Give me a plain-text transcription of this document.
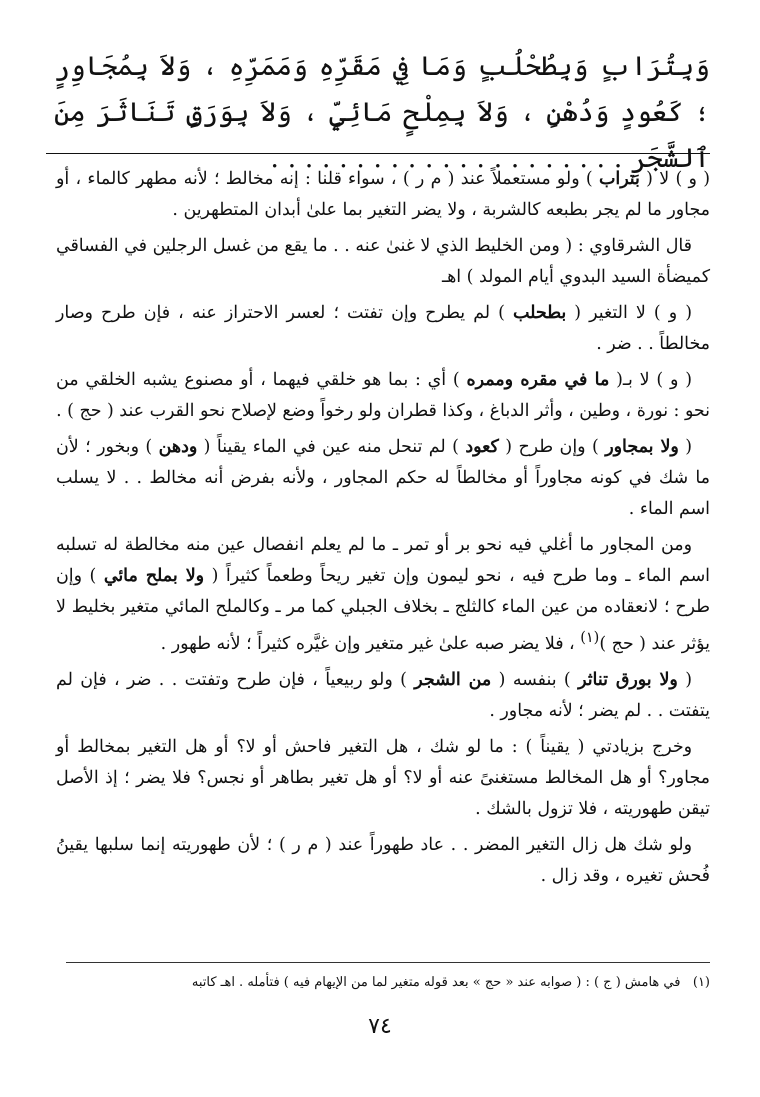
وَبِتُرَابٍ وَبِطُحْلُبٍ وَمَا فِي مَقَرِّهِ وَمَمَرِّهِ ، وَلاَ بِمُجَاوِرٍ ؛ كَعُودٍ وَدُهْنٍ ، وَلاَ بِمِلْحٍ مَائِيٍّ ، وَلاَ بِوَرَقٍ تَنَاثَرَ مِنَ ٱلشَّجَرِ . . . . . . . . . . . . . . . . . . . . .

( و ) لا ( بتراب ) ولو مستعملاً عند ( م ر ) ، سواء قلنا : إنه مخالط ؛ لأنه مطهر كالماء ، أو مجاور ما لم يجر بطبعه كالشربة ، ولا يضر التغير بما علىٰ أبدان المتطهرين .

قال الشرقاوي : ( ومن الخليط الذي لا غنىٰ عنه . . ما يقع من غسل الرجلين في الفساقي كميضأة السيد البدوي أيام المولد ) اهـ

( و ) لا التغير ( بطحلب ) لم يطرح وإن تفتت ؛ لعسر الاحتراز عنه ، فإن طرح وصار مخالطاً . . ضر .

( و ) لا بـ( ما في مقره وممره ) أي : بما هو خلقي فيهما ، أو مصنوع يشبه الخلقي من نحو : نورة ، وطين ، وأثر الدباغ ، وكذا قطران ولو رخواً وضع لإصلاح نحو القرب عند ( حج ) .

( ولا بمجاور ) وإن طرح ( كعود ) لم تنحل منه عين في الماء يقيناً ( ودهن ) وبخور ؛ لأن ما شك في كونه مجاوراً أو مخالطاً له حكم المجاور ، ولأنه بفرض أنه مخالط . . لا يسلب اسم الماء .

ومن المجاور ما أغلي فيه نحو بر أو تمر ـ ما لم يعلم انفصال عين منه مخالطة له تسلبه اسم الماء ـ وما طرح فيه ، نحو ليمون وإن تغير ريحاً وطعماً كثيراً ( ولا بملح مائي ) وإن طرح ؛ لانعقاده من عين الماء كالثلج ـ بخلاف الجبلي كما مر ـ وكالملح المائي متغير بخليط لا يؤثر عند ( حج )$^{(١)}$ ، فلا يضر صبه علىٰ غير متغير وإن غيَّره كثيراً ؛ لأنه طهور .

( ولا بورق تناثر ) بنفسه ( من الشجر ) ولو ربيعياً ، فإن طرح وتفتت . . ضر ، فإن لم يتفتت . . لم يضر ؛ لأنه مجاور .

وخرج بزيادتي ( يقيناً ) : ما لو شك ، هل التغير فاحش أو لا؟ أو هل التغير بمخالط أو مجاور؟ أو هل المخالط مستغنىً عنه أو لا؟ أو هل تغير بطاهر أو نجس؟ فلا يضر ؛ إذ الأصل تيقن طهوريته ، فلا تزول بالشك .

ولو شك هل زال التغير المضر . . عاد طهوراً عند ( م ر ) ؛ لأن طهوريته إنما سلبها يقينُ فُحش تغيره ، وقد زال .

(١)   في هامش ( ج ) : ( صوابه عند « حج » بعد قوله متغير لما من الإيهام فيه ) فتأمله . اهـ كاتبه

٧٤
